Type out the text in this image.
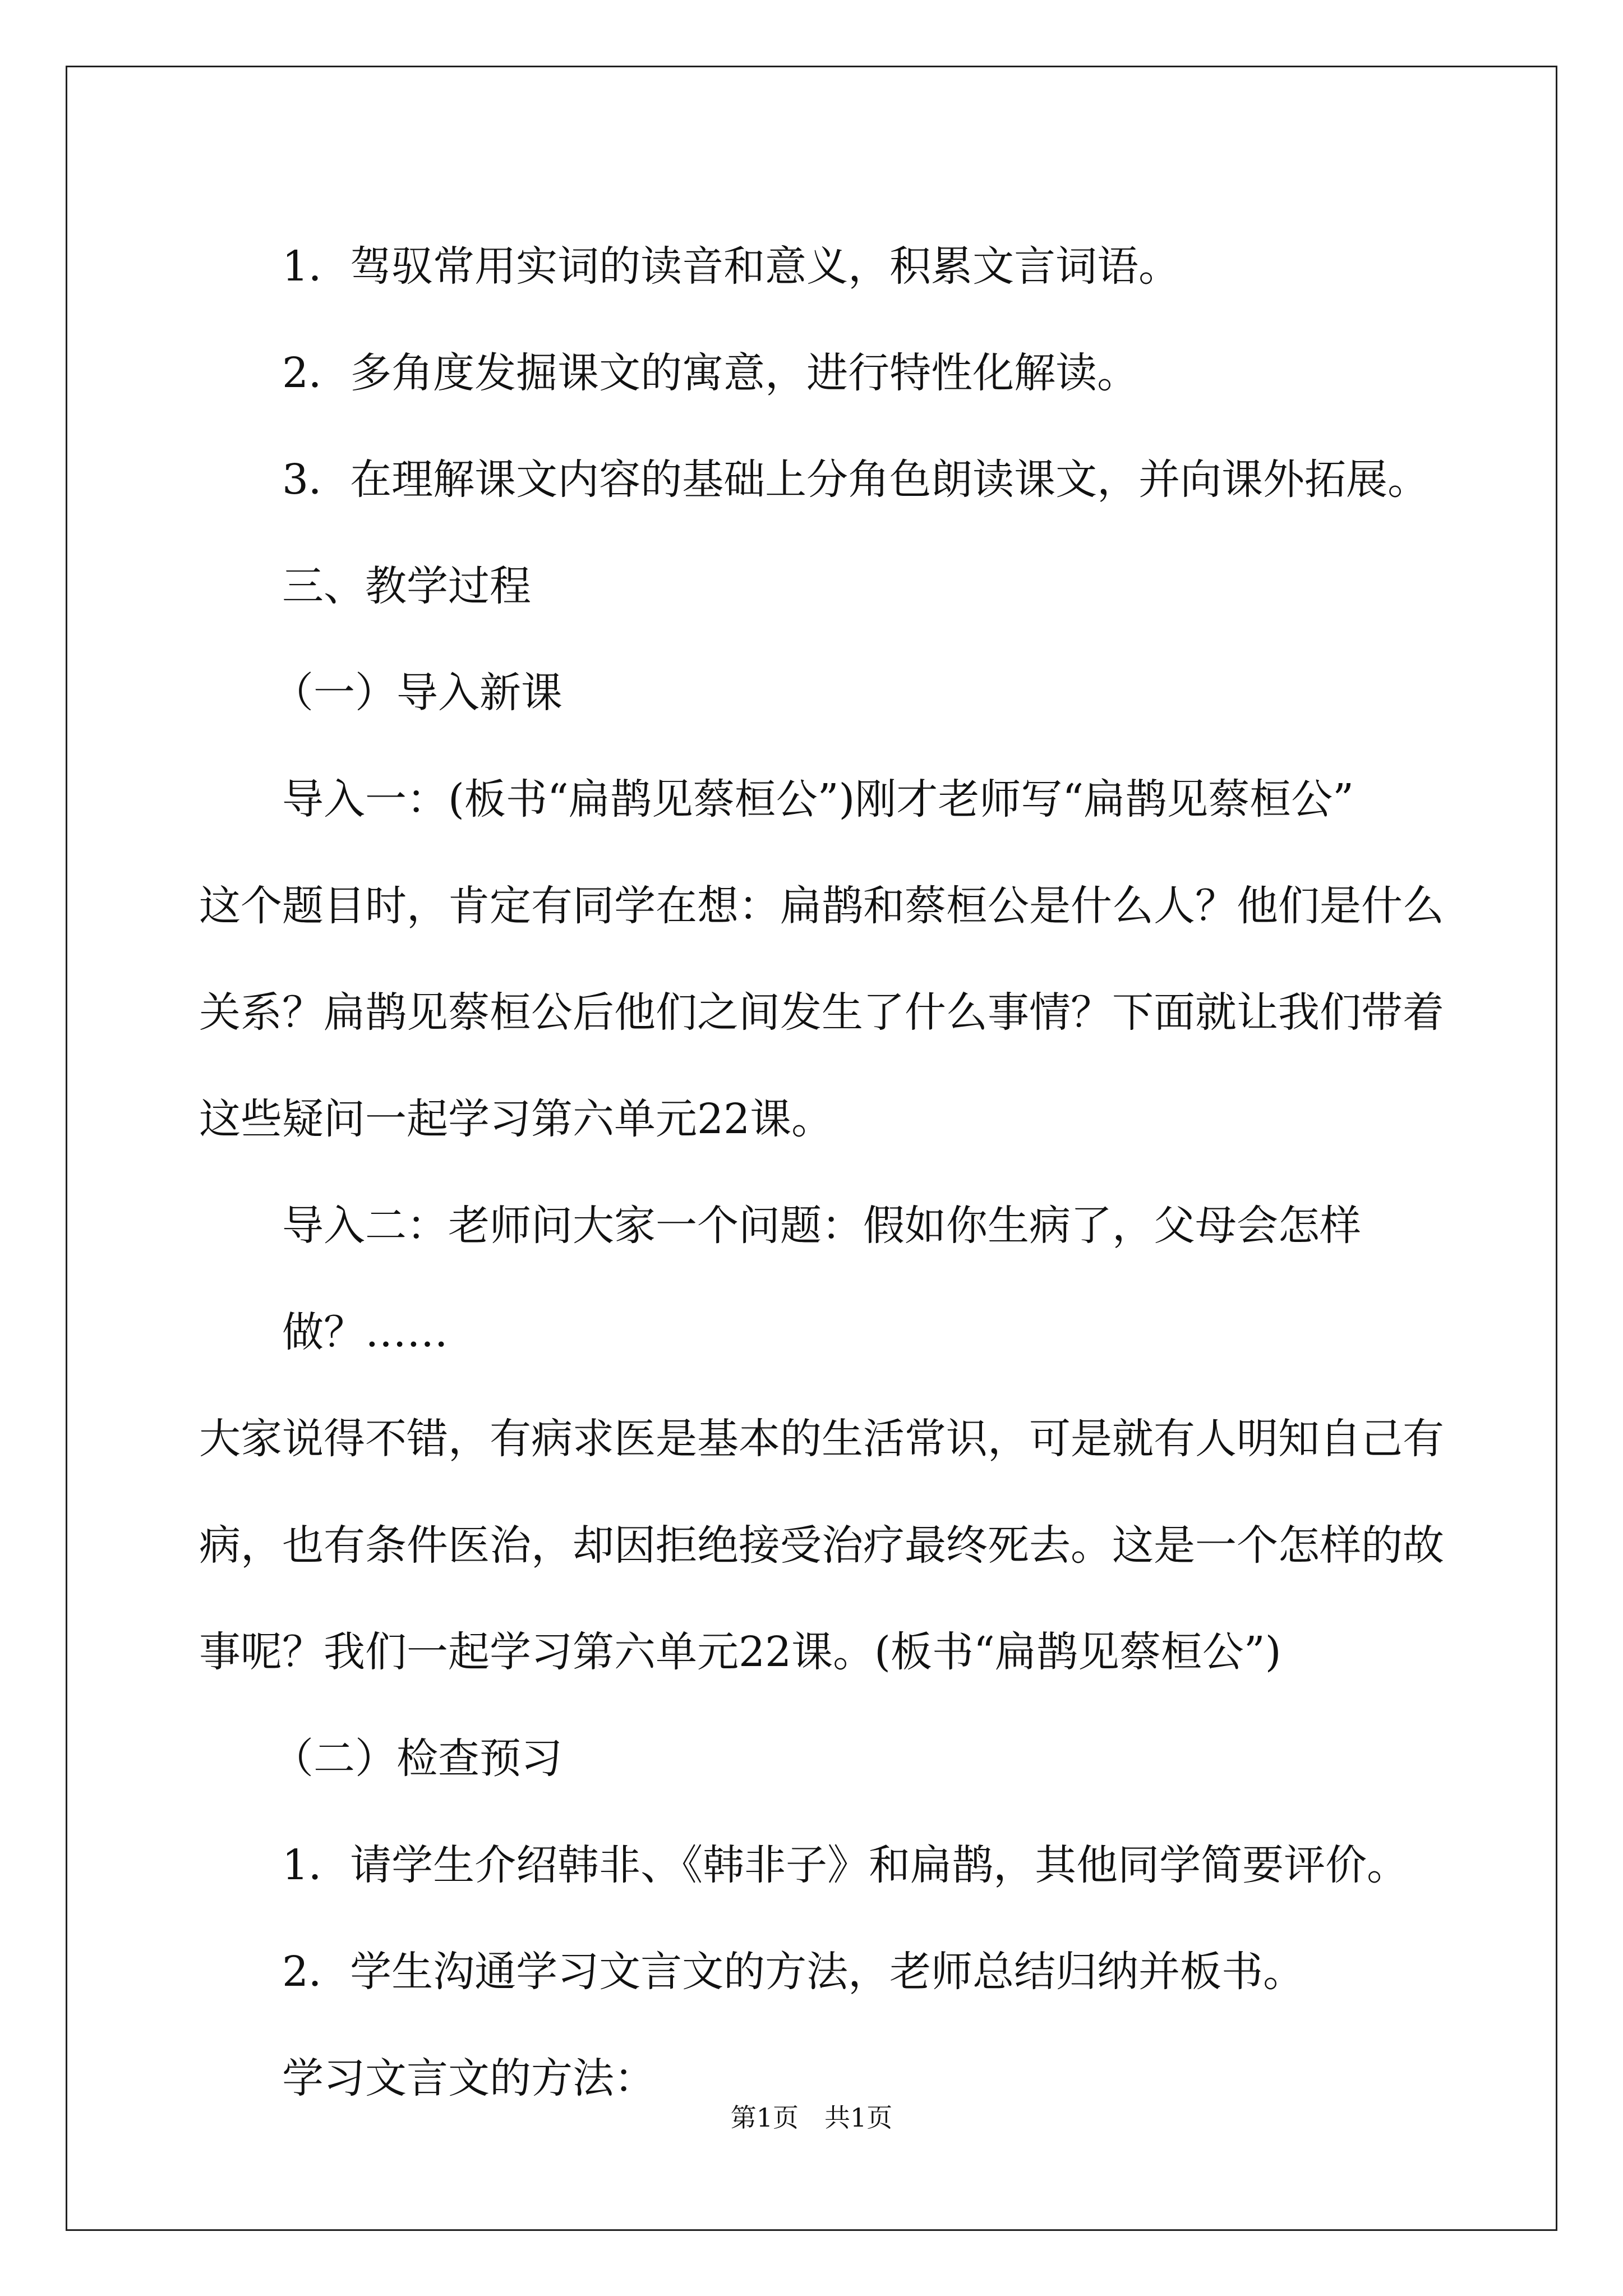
1．驾驭常用实词的读音和意义，积累文言词语。

2．多角度发掘课文的寓意，进行特性化解读。

3．在理解课文内容的基础上分角色朗读课文，并向课外拓展。

三、教学过程

（一）导入新课

导入一：(板书“扁鹊见蔡桓公”)刚才老师写“扁鹊见蔡桓公”
这个题目时，肯定有同学在想：扁鹊和蔡桓公是什么人？他们是什么
关系？扁鹊见蔡桓公后他们之间发生了什么事情？下面就让我们带着
这些疑问一起学习第六单元22课。

导入二：老师问大家一个问题：假如你生病了，父母会怎样做？……
大家说得不错，有病求医是基本的生活常识，可是就有人明知自己有
病，也有条件医治，却因拒绝接受治疗最终死去。这是一个怎样的故
事呢？我们一起学习第六单元22课。(板书“扁鹊见蔡桓公”)

（二）检查预习

1．请学生介绍韩非、《韩非子》和扁鹊，其他同学简要评价。

2．学生沟通学习文言文的方法，老师总结归纳并板书。

学习文言文的方法：

第1页　共1页
